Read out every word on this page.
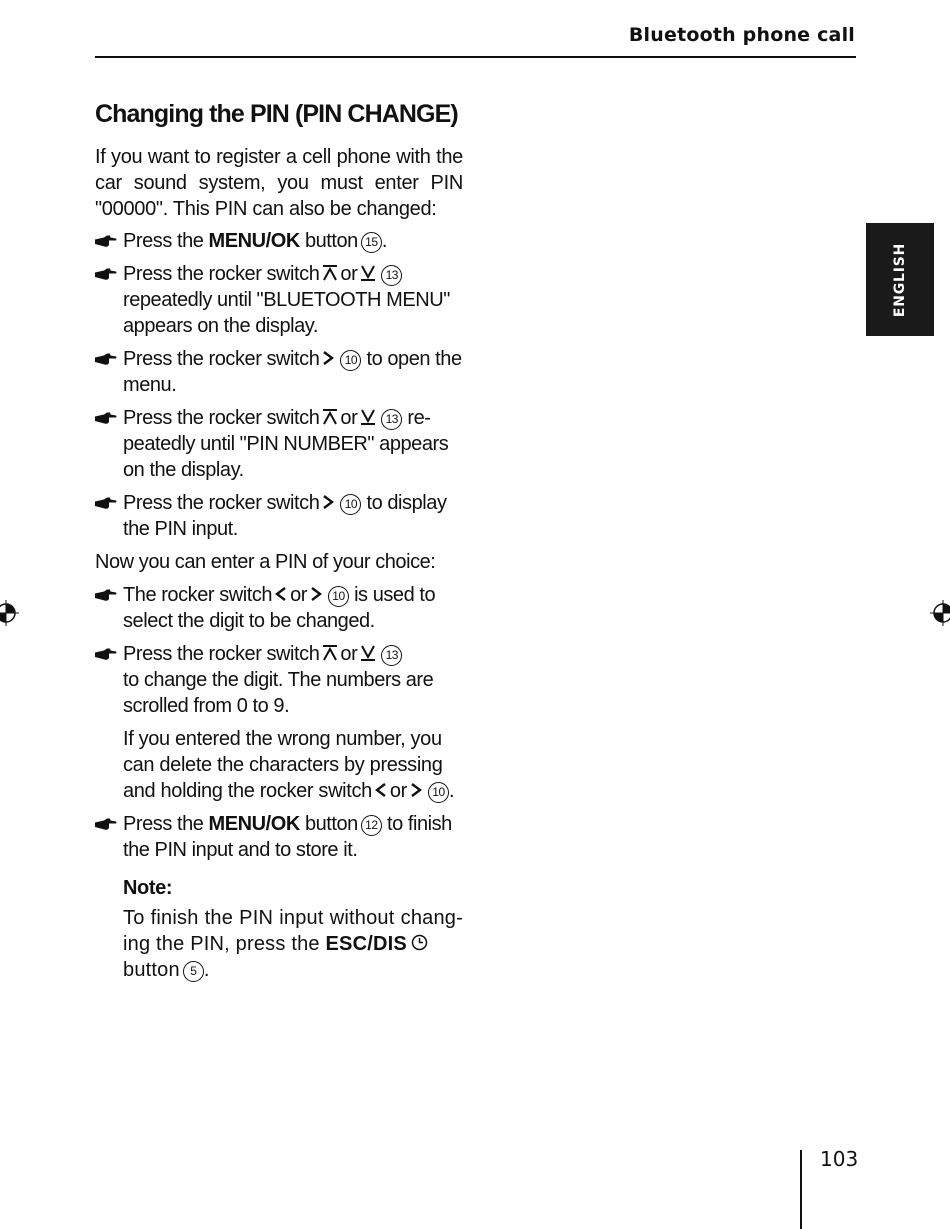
Bluetooth phone call
ENGLISH
Changing the PIN (PIN CHANGE)

If you want to register a cell phone with the car sound system, you must enter PIN "00000". This PIN can also be changed:

Press the MENU/OK button 15 .
Press the rocker switch or 13 repeatedly until "BLUETOOTH MENU" appears on the display.
Press the rocker switch 10 to open the menu.
Press the rocker switch or 13 re-peatedly until "PIN NUMBER" appears on the display.
Press the rocker switch 10 to display the PIN input.

Now you can enter a PIN of your choice:

The rocker switch or 10 is used to select the digit to be changed.
Press the rocker switch or 13
to change the digit. The numbers are scrolled from 0 to 9.
If you entered the wrong number, you can delete the characters by pressing and holding the rocker switch or 10 .
Press the MENU/OK button 12 to finish the PIN input and to store it.
Note:
To finish the PIN input without chang-ing the PIN, press the ESC/DIS
button 5 .
103
